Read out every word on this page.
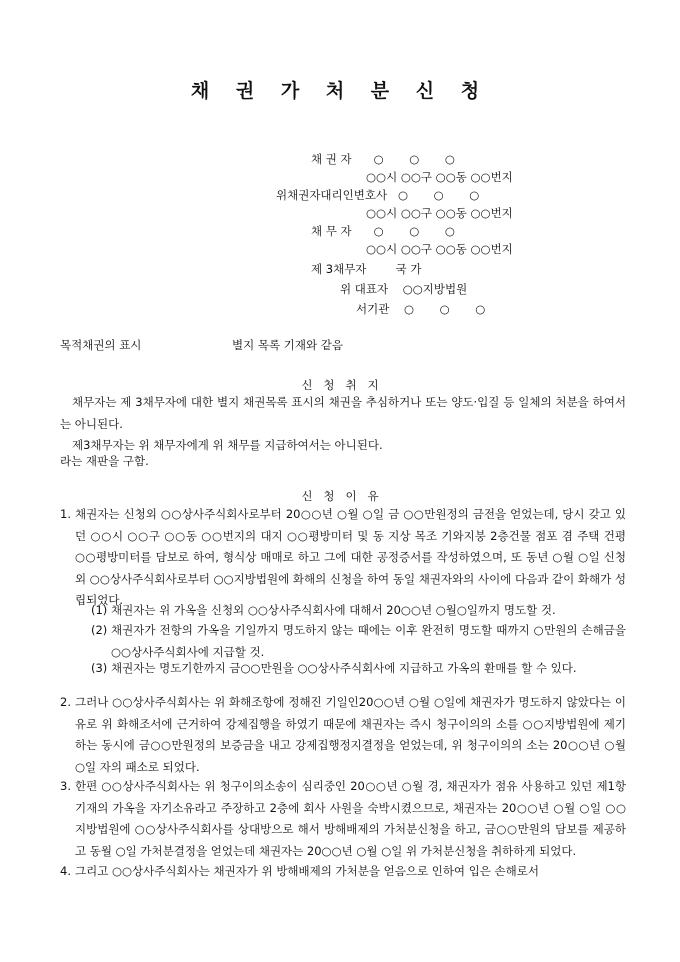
채 권 가 처 분 신 청
채 권 자      ○       ○       ○
○○시 ○○구 ○○동 ○○번지
위채권자대리인변호사   ○       ○       ○
○○시 ○○구 ○○동 ○○번지
채 무 자      ○       ○       ○
○○시 ○○구 ○○동 ○○번지
제 3채무자        국 가
위 대표자    ○○지방법원
서기관    ○       ○       ○
목적채권의 표시	별지 목록 기재와 같음
신   청   취   지
채무자는 제 3채무자에 대한 별지 채권목록 표시의 채권을 추심하거나 또는 양도·입질 등 일체의 처분을 하여서는 아니된다.
제3채무자는 위 채무자에게 위 채무를 지급하여서는 아니된다.
라는 재판을 구함.
신   청   이   유
1. 채권자는 신청외 ○○상사주식회사로부터 20○○년 ○월 ○일 금 ○○만원정의 금전을 얻었는데, 당시 갖고 있던 ○○시 ○○구 ○○동 ○○번지의 대지 ○○평방미터 및 동 지상 목조 기와지붕 2층건물 점포 겸 주택 건평 ○○평방미터를 담보로 하여, 형식상 매매로 하고 그에 대한 공정증서를 작성하였으며, 또 동년 ○월 ○일 신청외 ○○상사주식회사로부터 ○○지방법원에 화해의 신청을 하여 동일 채권자와의 사이에 다음과 같이 화해가 성립되었다.
(1) 채권자는 위 가옥을 신청외 ○○상사주식회사에 대해서 20○○년 ○월○일까지 명도할 것.
(2) 채권자가 전항의 가옥을 기일까지 명도하지 않는 때에는 이후 완전히 명도할 때까지 ○만원의 손해금을 ○○상사주식회사에 지급할 것.
(3) 채권자는 명도기한까지 금○○만원을 ○○상사주식회사에 지급하고 가옥의 환매를 할 수 있다.
2. 그러나 ○○상사주식회사는 위 화해조항에 정해진 기일인20○○년 ○월 ○일에 채권자가 명도하지 않았다는 이유로 위 화해조서에 근거하여 강제집행을 하였기 때문에 채권자는 즉시 청구이의의 소를 ○○지방법원에 제기하는 동시에 금○○만원정의 보증금을 내고 강제집행정지결정을 얻었는데, 위 청구이의의 소는 20○○년 ○월 ○일 자의 패소로 되었다.
3. 한편 ○○상사주식회사는 위 청구이의소송이 심리중인 20○○년 ○월 경, 채권자가 점유 사용하고 있던 제1항 기재의 가옥을 자기소유라고 주장하고 2층에 회사 사원을 숙박시켰으므로, 채권자는 20○○년 ○월 ○일 ○○지방법원에 ○○상사주식회사를 상대방으로 해서 방해배제의 가처분신청을 하고, 금○○만원의 담보를 제공하고 동월 ○일 가처분결정을 얻었는데 채권자는 20○○년 ○월 ○일 위 가처분신청을 취하하게 되었다.
4. 그리고 ○○상사주식회사는 채권자가 위 방해배제의 가처분을 얻음으로 인하여 입은 손해로서
